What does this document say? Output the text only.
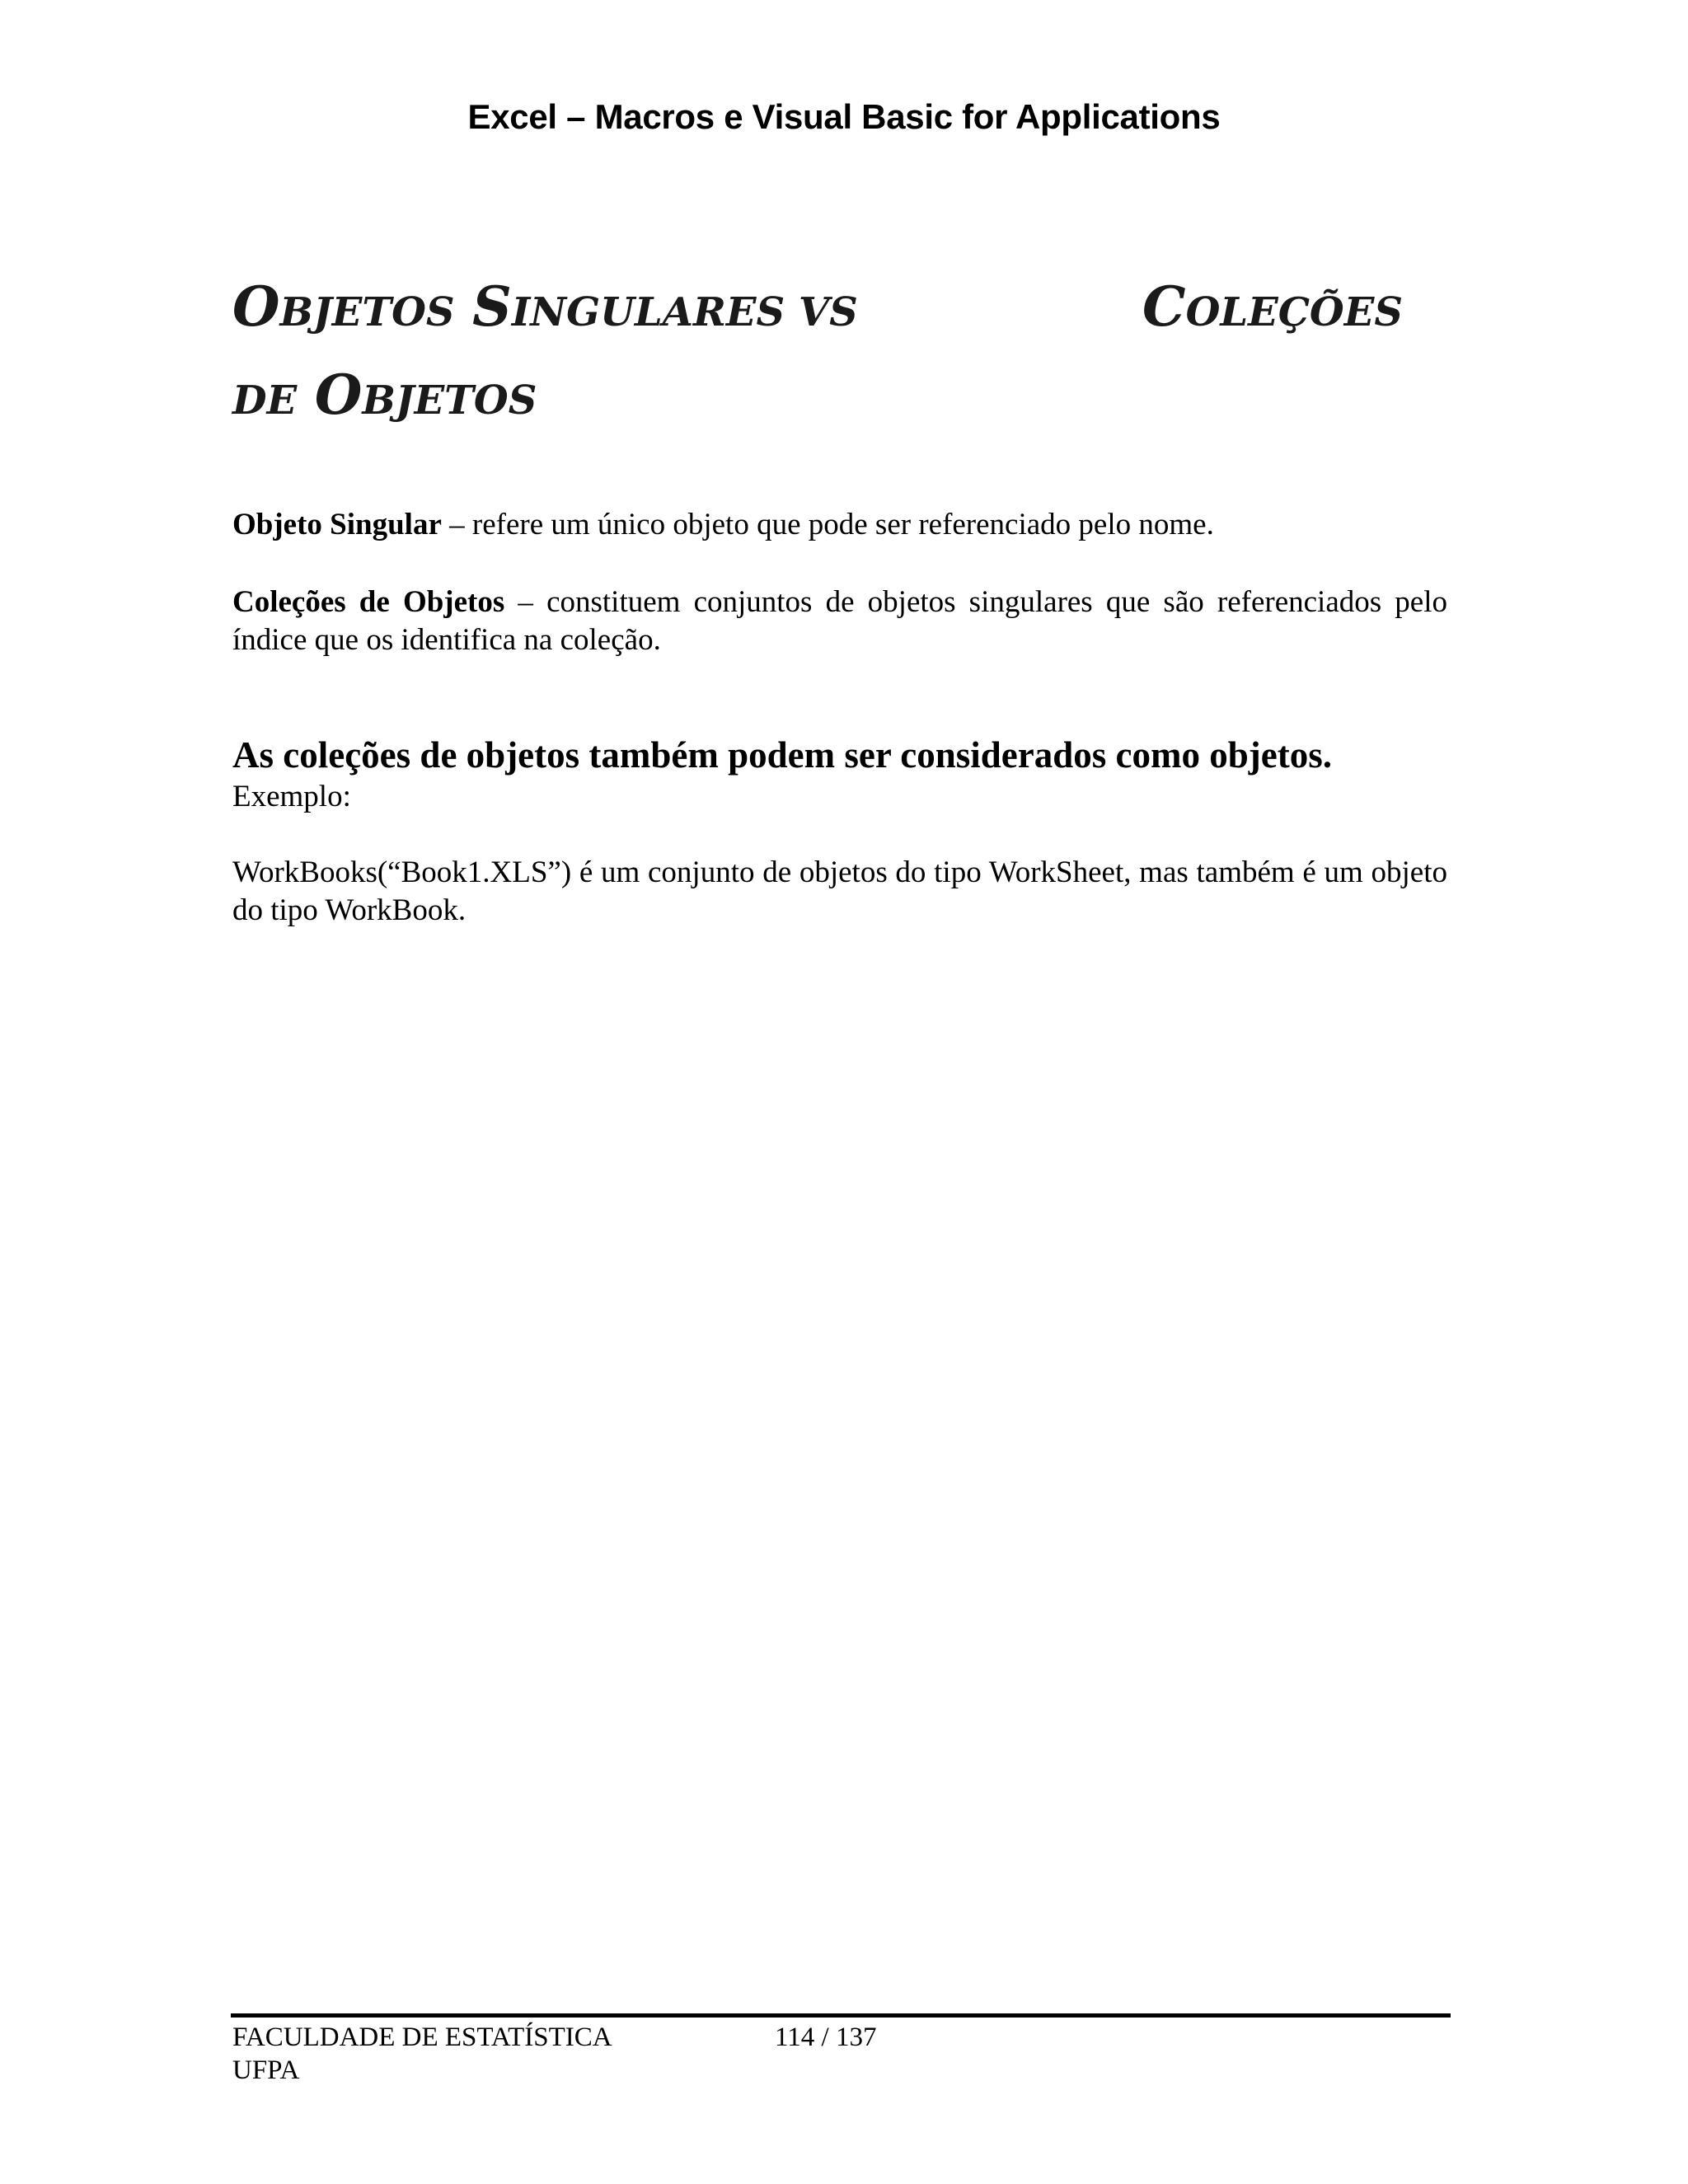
Excel – Macros e Visual Basic for Applications
OBJETOS SINGULARES VS	COLEÇÕES
DE OBJETOS
Objeto Singular – refere um único objeto que pode ser referenciado pelo nome.
Coleções de Objetos – constituem conjuntos de objetos singulares que são referenciados pelo índice que os identifica na coleção.
As coleções de objetos também podem ser considerados como objetos.
Exemplo:
WorkBooks(“Book1.XLS”) é um conjunto de objetos do tipo WorkSheet, mas também é um objeto do tipo WorkBook.
FACULDADE DE ESTATÍSTICA
UFPA
114 / 137
